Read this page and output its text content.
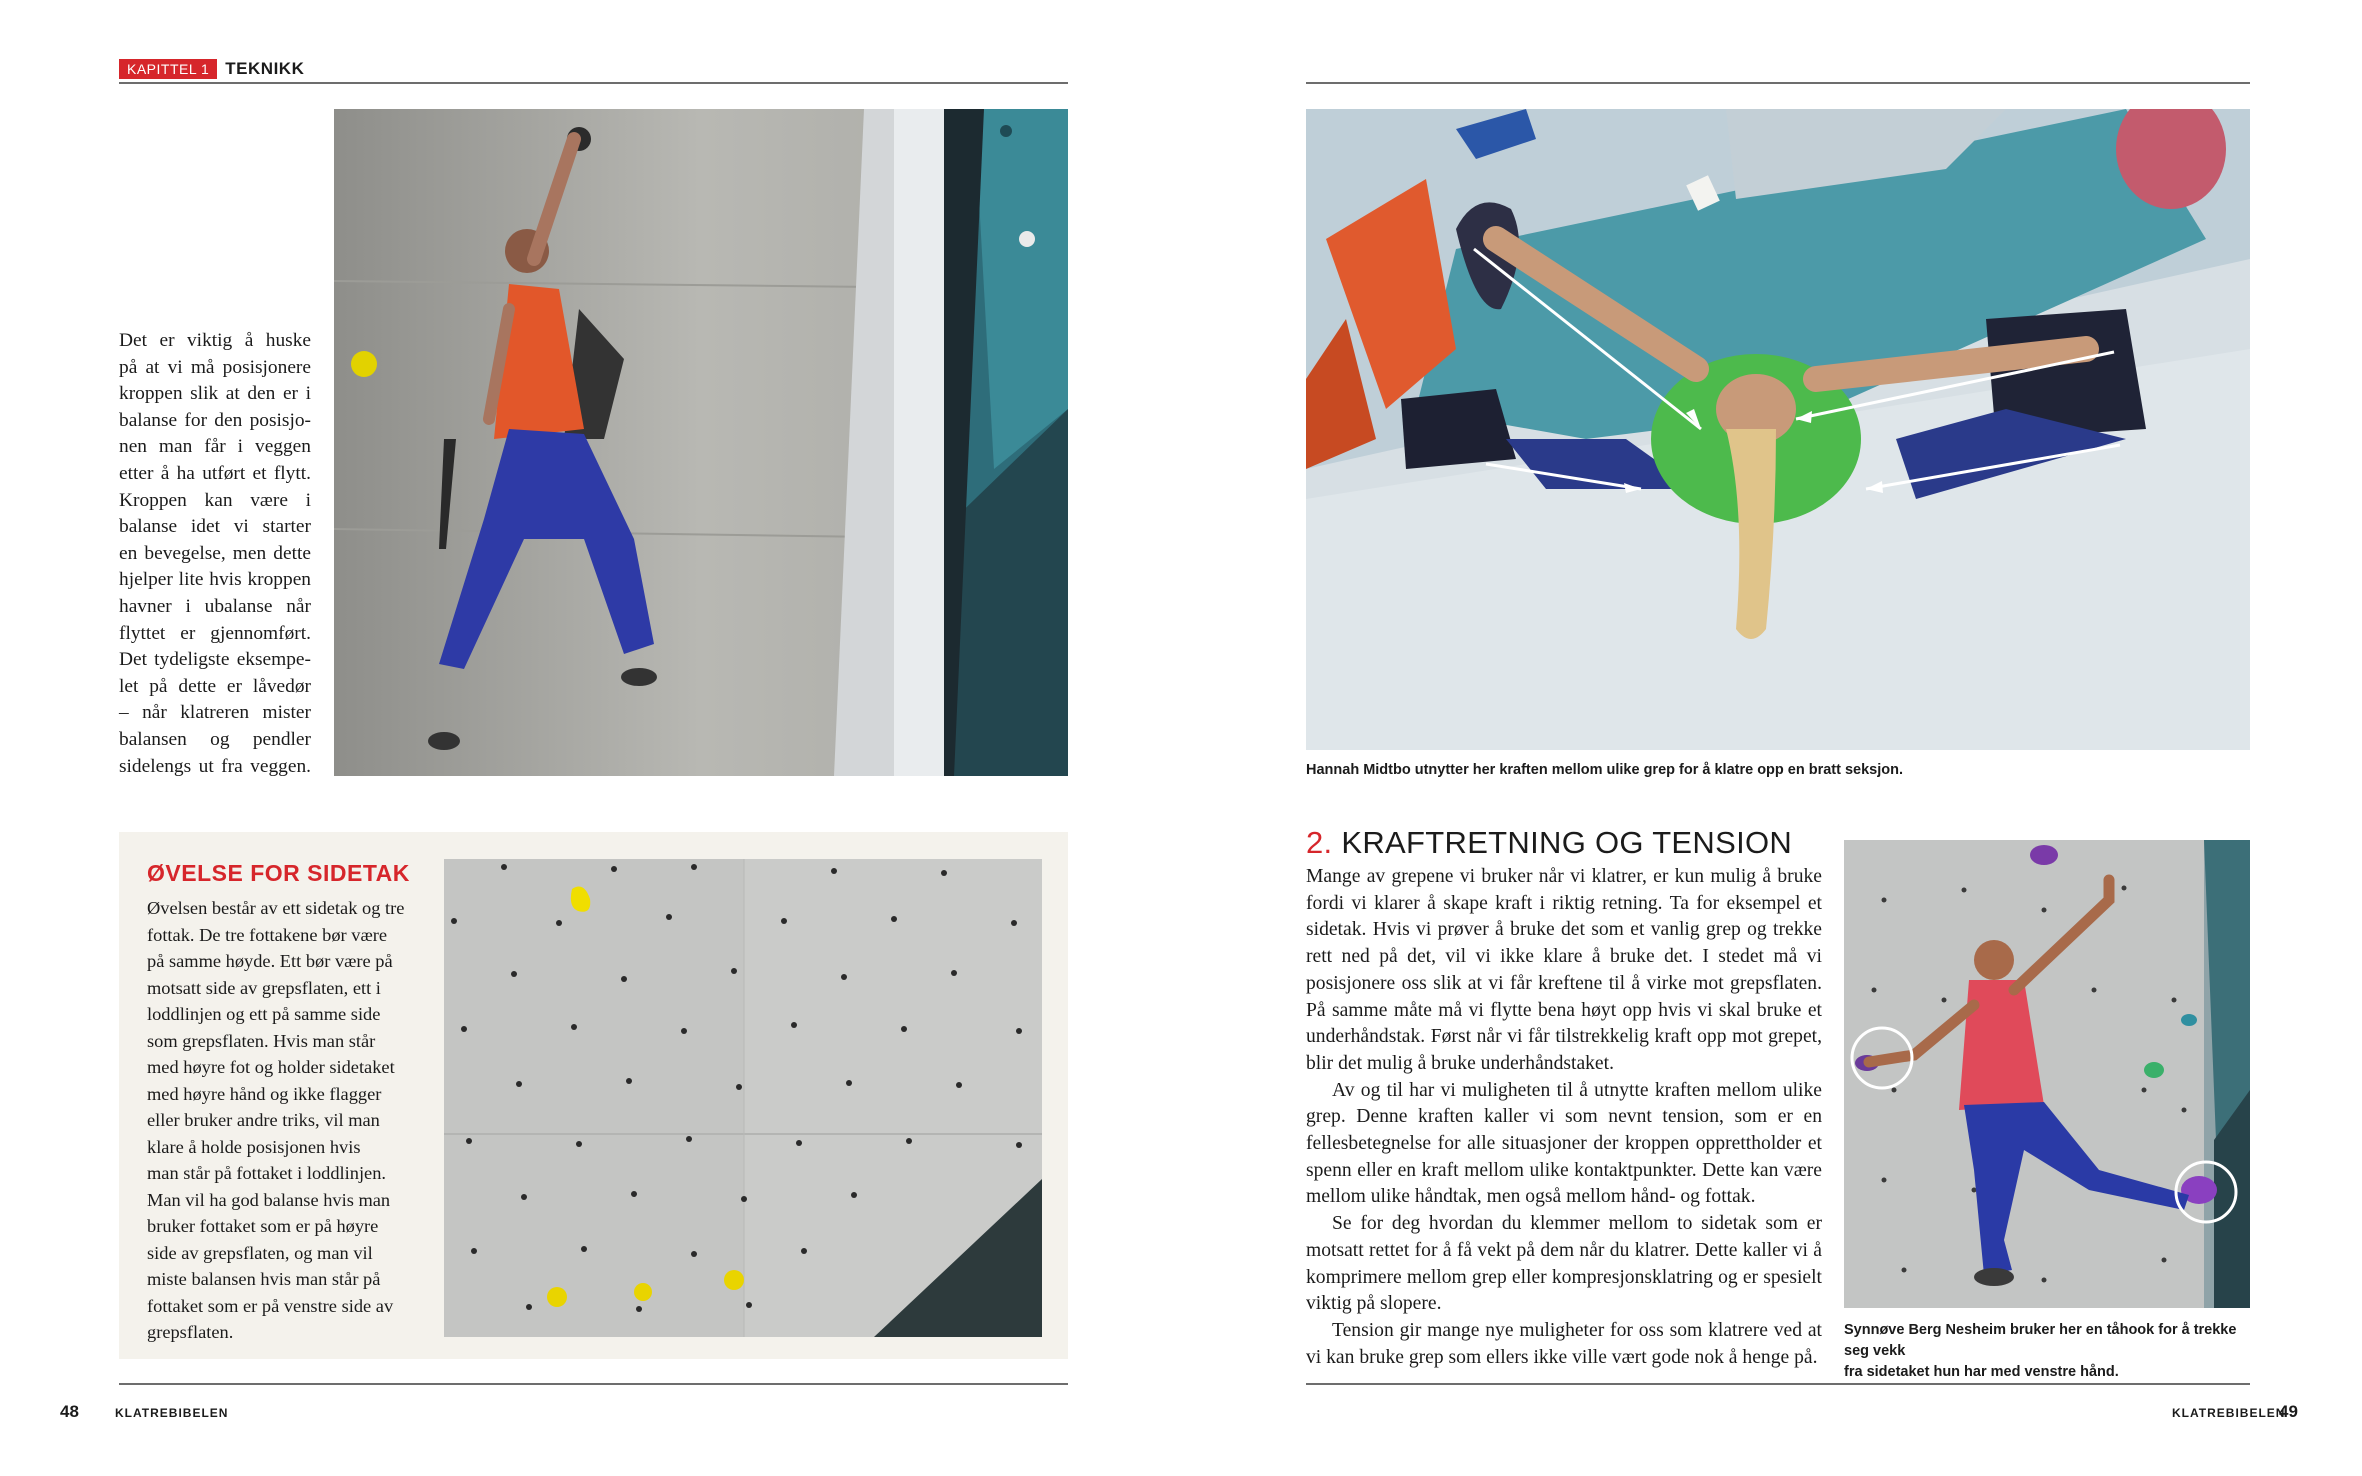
KAPITTEL 1 TEKNIKK
Det er viktig å huske
på at vi må posisjonere
kroppen slik at den er i
balanse for den posisjo-
nen man får i veggen
etter å ha utført et flytt.
Kroppen kan være i
balanse idet vi starter
en bevegelse, men dette
hjelper lite hvis kroppen
havner i ubalanse når
flyttet er gjennomført.
Det tydeligste eksempe-
let på dette er låvedør
– når klatreren mister
balansen og pendler
sidelengs ut fra veggen.
ØVELSE FOR SIDETAK
Øvelsen består av ett sidetak og tre
fottak. De tre fottakene bør være
på samme høyde. Ett bør være på
motsatt side av grepsflaten, ett i
loddlinjen og ett på samme side
som grepsflaten. Hvis man står
med høyre fot og holder sidetaket
med høyre hånd og ikke flagger
eller bruker andre triks, vil man
klare å holde posisjonen hvis
man står på fottaket i loddlinjen.
Man vil ha god balanse hvis man
bruker fottaket som er på høyre
side av grepsflaten, og man vil
miste balansen hvis man står på
fottaket som er på venstre side av
grepsflaten.
48	KLATREBIBELEN
Hannah Midtbo utnytter her kraften mellom ulike grep for å klatre opp en bratt seksjon.
2. KRAFTRETNING OG TENSION

Mange av grepene vi bruker når vi klatrer, er kun mulig å bruke fordi vi klarer å skape kraft i riktig retning. Ta for eksempel et sidetak. Hvis vi prøver å bruke det som et vanlig grep og trekke rett ned på det, vil vi ikke klare å bruke det. I stedet må vi posisjonere oss slik at vi får kreftene til å virke mot grepsflaten. På samme måte må vi flytte bena høyt opp hvis vi skal bruke et underhåndstak. Først når vi får tilstrekkelig kraft opp mot grepet, blir det mulig å bruke underhåndstaket.

Av og til har vi muligheten til å utnytte kraften mellom ulike grep. Denne kraften kaller vi som nevnt tension, som er en fellesbetegnelse for alle situasjoner der kroppen opprettholder et spenn eller en kraft mellom ulike kontaktpunkter. Dette kan være mellom ulike håndtak, men også mellom hånd- og fottak.

Se for deg hvordan du klemmer mellom to sidetak som er motsatt rettet for å få vekt på dem når du klatrer. Dette kaller vi å komprimere mellom grep eller kompresjonsklatring og er spesielt viktig på slopere.

Tension gir mange nye muligheter for oss som klatrere ved at vi kan bruke grep som ellers ikke ville vært gode nok å henge på.

Synnøve Berg Nesheim bruker her en tåhook for å trekke seg vekk
fra sidetaket hun har med venstre hånd.
KLATREBIBELEN
49
